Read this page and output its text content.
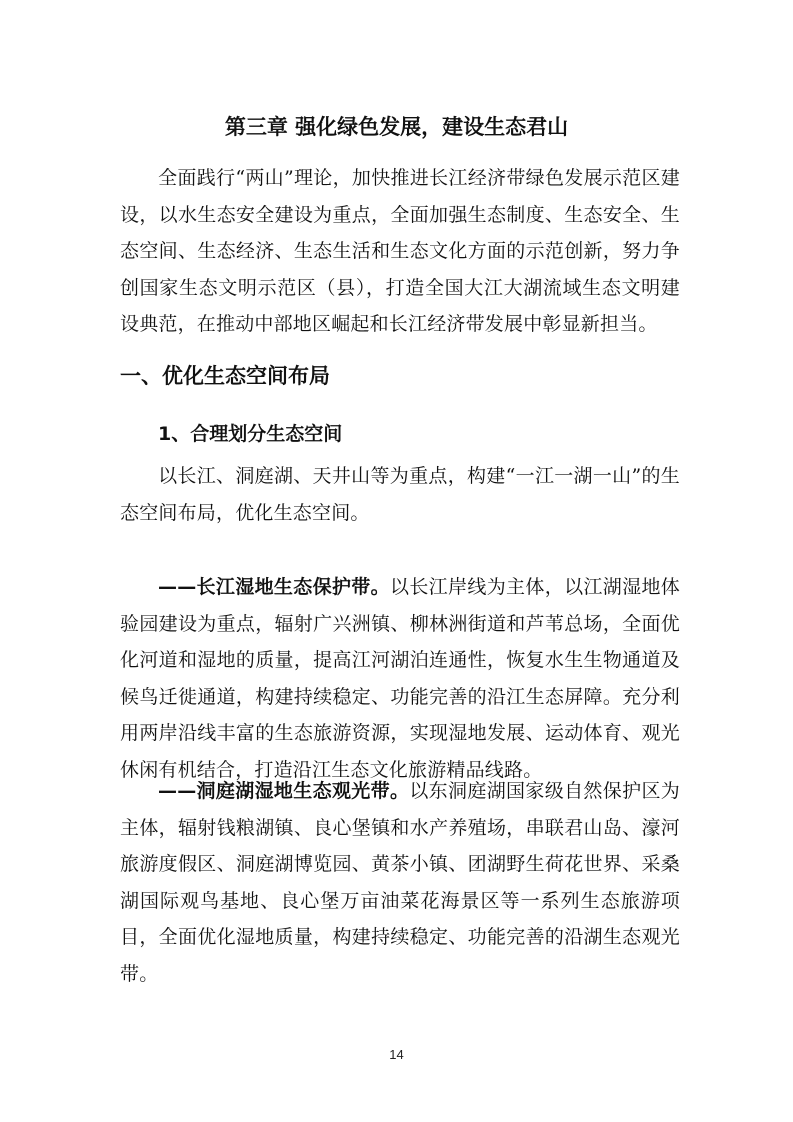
第三章 强化绿色发展，建设生态君山

全面践行“两山”理论，加快推进长江经济带绿色发展示范区建设，以水生态安全建设为重点，全面加强生态制度、生态安全、生态空间、生态经济、生态生活和生态文化方面的示范创新，努力争创国家生态文明示范区（县），打造全国大江大湖流域生态文明建设典范，在推动中部地区崛起和长江经济带发展中彰显新担当。

一、优化生态空间布局
1、合理划分生态空间

以长江、洞庭湖、天井山等为重点，构建“一江一湖一山”的生态空间布局，优化生态空间。

——长江湿地生态保护带。以长江岸线为主体，以江湖湿地体验园建设为重点，辐射广兴洲镇、柳林洲街道和芦苇总场，全面优化河道和湿地的质量，提高江河湖泊连通性，恢复水生生物通道及候鸟迁徙通道，构建持续稳定、功能完善的沿江生态屏障。充分利用两岸沿线丰富的生态旅游资源，实现湿地发展、运动体育、观光休闲有机结合，打造沿江生态文化旅游精品线路。

——洞庭湖湿地生态观光带。以东洞庭湖国家级自然保护区为主体，辐射钱粮湖镇、良心堡镇和水产养殖场，串联君山岛、濠河旅游度假区、洞庭湖博览园、黄茶小镇、团湖野生荷花世界、采桑湖国际观鸟基地、良心堡万亩油菜花海景区等一系列生态旅游项目，全面优化湿地质量，构建持续稳定、功能完善的沿湖生态观光带。

14
